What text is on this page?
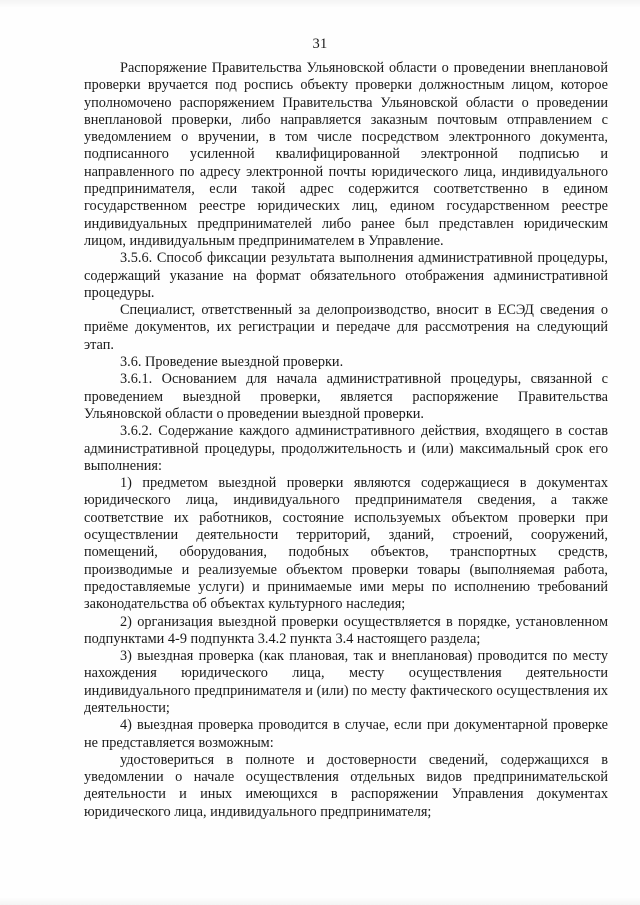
31

Распоряжение Правительства Ульяновской области о проведении внеплановой проверки вручается под роспись объекту проверки должностным лицом, которое уполномочено распоряжением Правительства Ульяновской области о проведении внеплановой проверки, либо направляется заказным почтовым отправлением с уведомлением о вручении, в том числе посредством электронного документа, подписанного усиленной квалифицированной электронной подписью и направленного по адресу электронной почты юридического лица, индивидуального предпринимателя, если такой адрес содержится соответственно в едином государственном реестре юридических лиц, едином государственном реестре индивидуальных предпринимателей либо ранее был представлен юридическим лицом, индивидуальным предпринимателем в Управление.

3.5.6. Способ фиксации результата выполнения административной процедуры, содержащий указание на формат обязательного отображения административной процедуры.

Специалист, ответственный за делопроизводство, вносит в ЕСЭД сведения о приёме документов, их регистрации и передаче для рассмотрения на следующий этап.

3.6. Проведение выездной проверки.

3.6.1. Основанием для начала административной процедуры, связанной с проведением выездной проверки, является распоряжение Правительства Ульяновской области о проведении выездной проверки.

3.6.2. Содержание каждого административного действия, входящего в состав административной процедуры, продолжительность и (или) максимальный срок его выполнения:

1) предметом выездной проверки являются содержащиеся в документах юридического лица, индивидуального предпринимателя сведения, а также соответствие их работников, состояние используемых объектом проверки при осуществлении деятельности территорий, зданий, строений, сооружений, помещений, оборудования, подобных объектов, транспортных средств, производимые и реализуемые объектом проверки товары (выполняемая работа, предоставляемые услуги) и принимаемые ими меры по исполнению требований законодательства об объектах культурного наследия;

2) организация выездной проверки осуществляется в порядке, установленном подпунктами 4-9 подпункта 3.4.2 пункта 3.4 настоящего раздела;

3) выездная проверка (как плановая, так и внеплановая) проводится по месту нахождения юридического лица, месту осуществления деятельности индивидуального предпринимателя и (или) по месту фактического осуществления их деятельности;

4) выездная проверка проводится в случае, если при документарной проверке не представляется возможным:

удостовериться в полноте и достоверности сведений, содержащихся в уведомлении о начале осуществления отдельных видов предпринимательской деятельности и иных имеющихся в распоряжении Управления документах юридического лица, индивидуального предпринимателя;
